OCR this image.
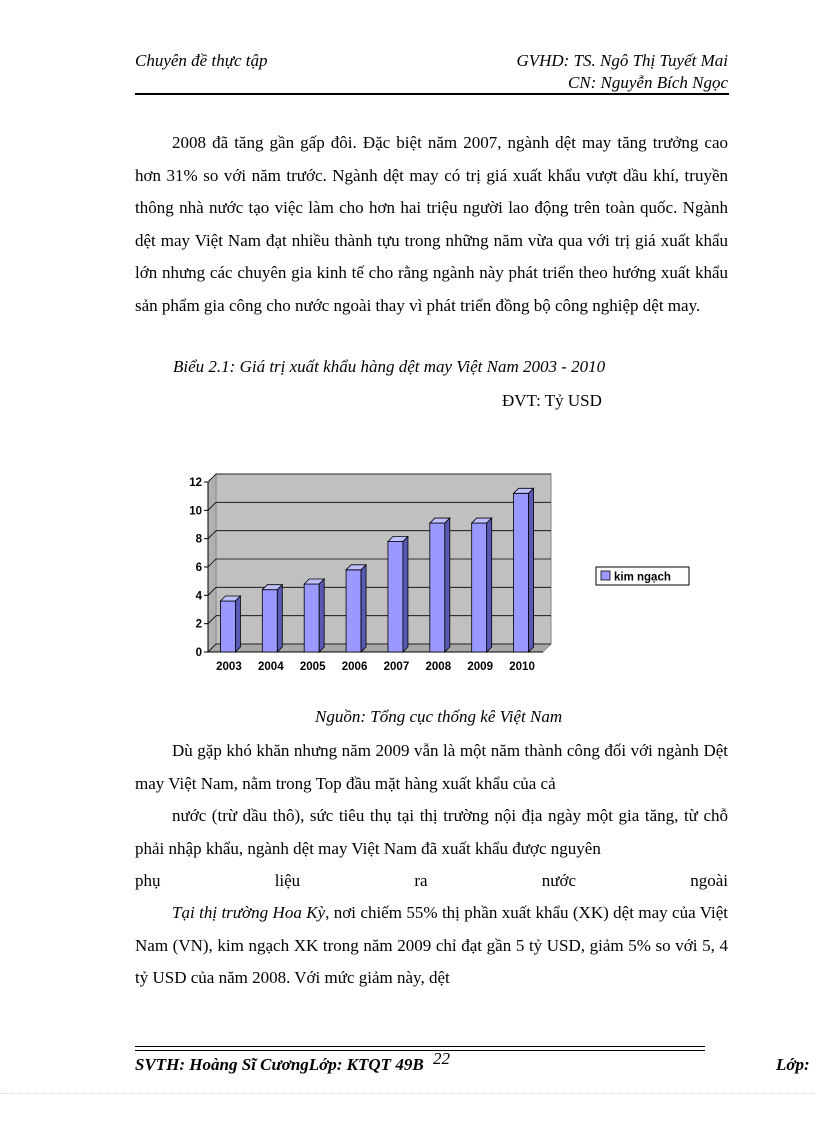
Chuyên đề thực tập	GVHD: TS. Ngô Thị Tuyết Mai
CN: Nguyễn Bích Ngọc

2008 đã tăng gần gấp đôi. Đặc biệt năm 2007, ngành dệt may tăng trưởng cao hơn 31% so với năm trước. Ngành dệt may có trị giá xuất khẩu vượt dầu khí, truyền thông nhà nước tạo việc làm cho hơn hai triệu người lao động trên toàn quốc. Ngành dệt may Việt Nam đạt nhiều thành tựu trong những năm vừa qua với trị giá xuất khẩu lớn nhưng các chuyên gia kinh tế cho rằng ngành này phát triển theo hướng xuất khẩu sản phẩm gia công cho nước ngoài thay vì phát triển đồng bộ công nghiệp dệt may.

Biểu 2.1: Giá trị xuất khẩu hàng dệt may Việt Nam 2003 - 2010
ĐVT: Tỷ USD
0
2
4
6
8
10
12
2003 2004 2005 2006 2007 2008 2009 2010
kim ngạch
Nguồn: Tổng cục thống kê Việt Nam

Dù gặp khó khăn nhưng năm 2009 vẫn là một năm thành công đối với ngành Dệt may Việt Nam, nằm trong Top đầu mặt hàng xuất khẩu của cả

nước (trừ dầu thô), sức tiêu thụ tại thị trường nội địa ngày một gia tăng, từ chỗ phải nhập khẩu, ngành dệt may Việt Nam đã xuất khẩu được nguyên

phụ	liệu	ra	nước	ngoài

Tại thị trường Hoa Kỳ, nơi chiếm 55% thị phần xuất khẩu (XK) dệt may của Việt Nam (VN), kim ngạch XK trong năm 2009 chỉ đạt gần 5 tỷ USD, giảm 5% so với 5, 4 tỷ USD của năm 2008. Với mức giảm này, dệt

22
SVTH: Hoàng Sĩ CươngLớp: KTQT 49B	Lớp:
